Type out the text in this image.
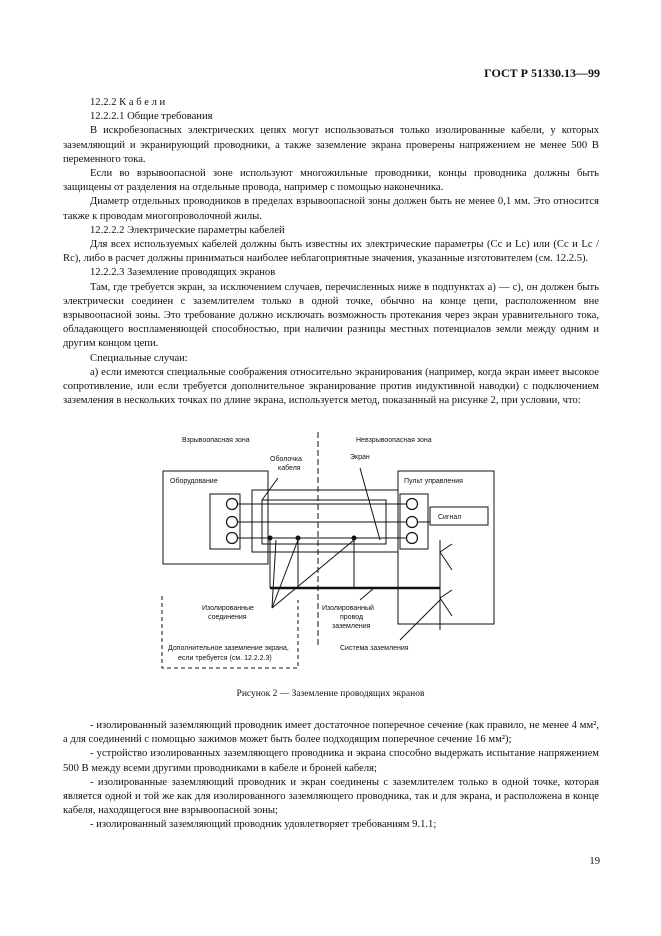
ГОСТ Р 51330.13—99

12.2.2 К а б е л и

12.2.2.1 Общие требования

В искробезопасных электрических цепях могут использоваться только изолированные кабели, у которых заземляющий и экранирующий проводники, а также заземление экрана проверены напряжением не менее 500 В переменного тока.

Если во взрывоопасной зоне используют многожильные проводники, концы проводника должны быть защищены от разделения на отдельные провода, например с помощью наконечника.

Диаметр отдельных проводников в пределах взрывоопасной зоны должен быть не менее 0,1 мм. Это относится также к проводам многопроволочной жилы.

12.2.2.2 Электрические параметры кабелей

Для всех используемых кабелей должны быть известны их электрические параметры (Сc и Lc) или (Сc и Lc / Rc), либо в расчет должны приниматься наиболее неблагоприятные значения, указанные изготовителем (см. 12.2.5).

12.2.2.3 Заземление проводящих экранов

Там, где требуется экран, за исключением случаев, перечисленных ниже в подпунктах а) — с), он должен быть электрически соединен с заземлителем только в одной точке, обычно на конце цепи, расположенном вне взрывоопасной зоны. Это требование должно исключать возможность протекания через экран уравнительного тока, обладающего воспламеняющей способностью, при наличии разницы местных потенциалов земли между одним и другим концом цепи.

Специальные случаи:

а) если имеются специальные соображения относительно экранирования (например, когда экран имеет высокое сопротивление, или если требуется дополнительное экранирование против индуктивной наводки) с подключением заземления в нескольких точках по длине экрана, используется метод, показанный на рисунке 2, при условии, что:

Взрывоопасная зона	Невзрывоопасная зона
Оболочка
кабеля
Экран
Оборудование	Пульт управления
Сигнал
Изолированные
соединения
Изолированный
провод
заземления
Дополнительное заземление экрана,
если требуется (см. 12.2.2.3)
Система заземления
Рисунок 2 — Заземление проводящих экранов

- изолированный заземляющий проводник имеет достаточное поперечное сечение (как правило, не менее 4 мм², а для соединений с помощью зажимов может быть более подходящим поперечное сечение 16 мм²);

- устройство изолированных заземляющего проводника и экрана способно выдержать испытание напряжением 500 В между всеми другими проводниками в кабеле и броней кабеля;

- изолированные заземляющий проводник и экран соединены с заземлителем только в одной точке, которая является одной и той же как для изолированного заземляющего проводника, так и для экрана, и расположена в конце кабеля, находящегося вне взрывоопасной зоны;

- изолированный заземляющий проводник удовлетворяет требованиям 9.1.1;

19
